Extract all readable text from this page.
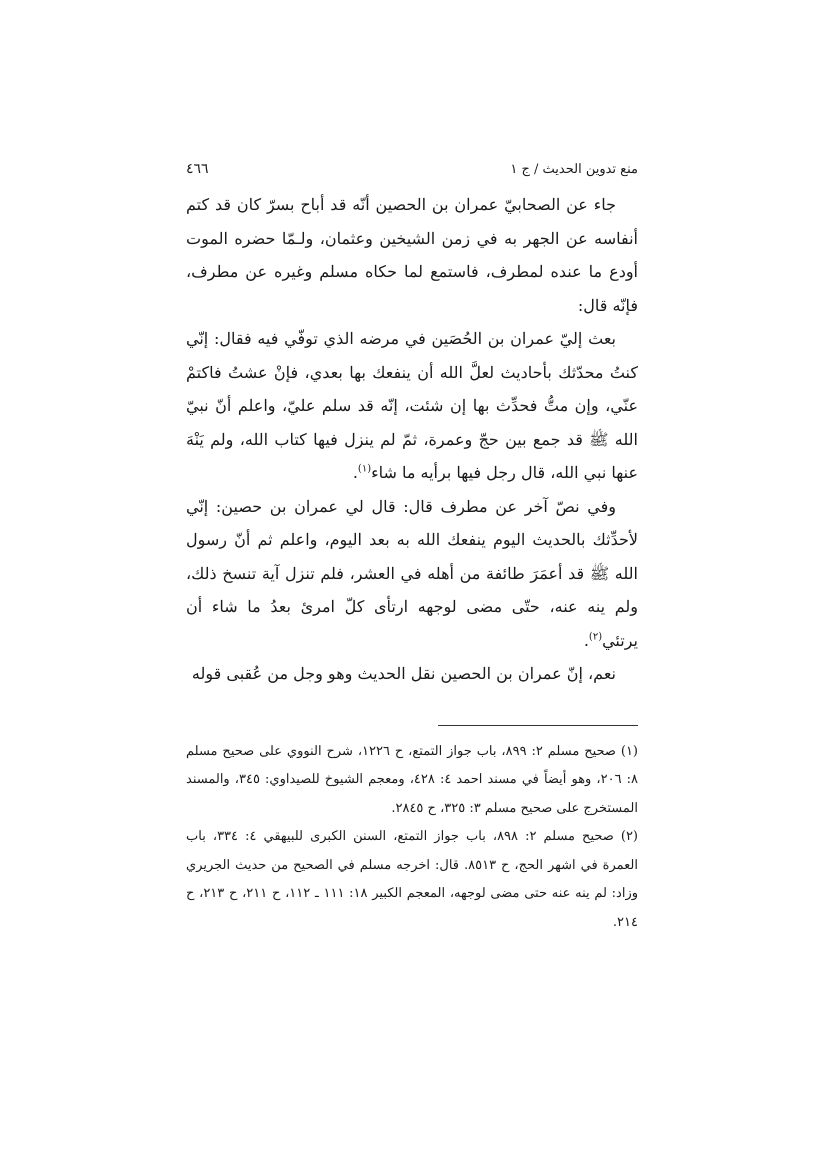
منع تدوين الحديث / ج ١
٤٦٦

جاء عن الصحابيّ عمران بن الحصين أنّه قد أباح بسرّ كان قد كتم أنفاسه عن الجهر به في زمن الشيخين وعثمان، ولـمّا حضره الموت أودع ما عنده لمطرف، فاستمع لما حكاه مسلم وغيره عن مطرف، فإنّه قال:

بعث إليّ عمران بن الحُصَين في مرضه الذي توفّي فيه فقال: إنّي كنتُ محدّثك بأحاديث لعلَّ الله أن ينفعك بها بعدي، فإنْ عشتُ فاكتمْ عنّي، وإن متُّ فحدِّث بها إن شئت، إنّه قد سلم عليّ، واعلم أنّ نبيّ الله ﷺ قد جمع بين حجّ وعمرة، ثمّ لم ينزل فيها كتاب الله، ولم يَنْهَ عنها نبي الله، قال رجل فيها برأيه ما شاء$^{(١)}$.

وفي نصّ آخر عن مطرف قال: قال لي عمران بن حصين: إنّي لأحدِّثك بالحديث اليوم ينفعك الله به بعد اليوم، واعلم ثم أنّ رسول الله ﷺ قد أعمَرَ طائفة من أهله في العشر، فلم تنزل آية تنسخ ذلك، ولم ينه عنه، حتّى مضى لوجهه ارتأى كلّ امرئ بعدُ ما شاء أن يرتئي$^{(٢)}$.

نعم، إنّ عمران بن الحصين نقل الحديث وهو وجل من عُقبى قوله

(١) صحيح مسلم ٢: ٨٩٩، باب جواز التمتع، ح ١٢٢٦، شرح النووي على صحيح مسلم ٨: ٢٠٦، وهو أيضاً في مسند احمد ٤: ٤٢٨، ومعجم الشيوخ للصيداوي: ٣٤٥، والمسند المستخرج على صحيح مسلم ٣: ٣٢٥، ح ٢٨٤٥.

(٢) صحيح مسلم ٢: ٨٩٨، باب جواز التمتع، السنن الكبرى للبيهقي ٤: ٣٣٤، باب العمرة في اشهر الحج، ح ٨٥١٣. قال: اخرجه مسلم في الصحيح من حديث الجريري وزاد: لم ينه عنه حتى مضى لوجهه، المعجم الكبير ١٨: ١١١ ـ ١١٢، ح ٢١١، ح ٢١٣، ح ٢١٤.
